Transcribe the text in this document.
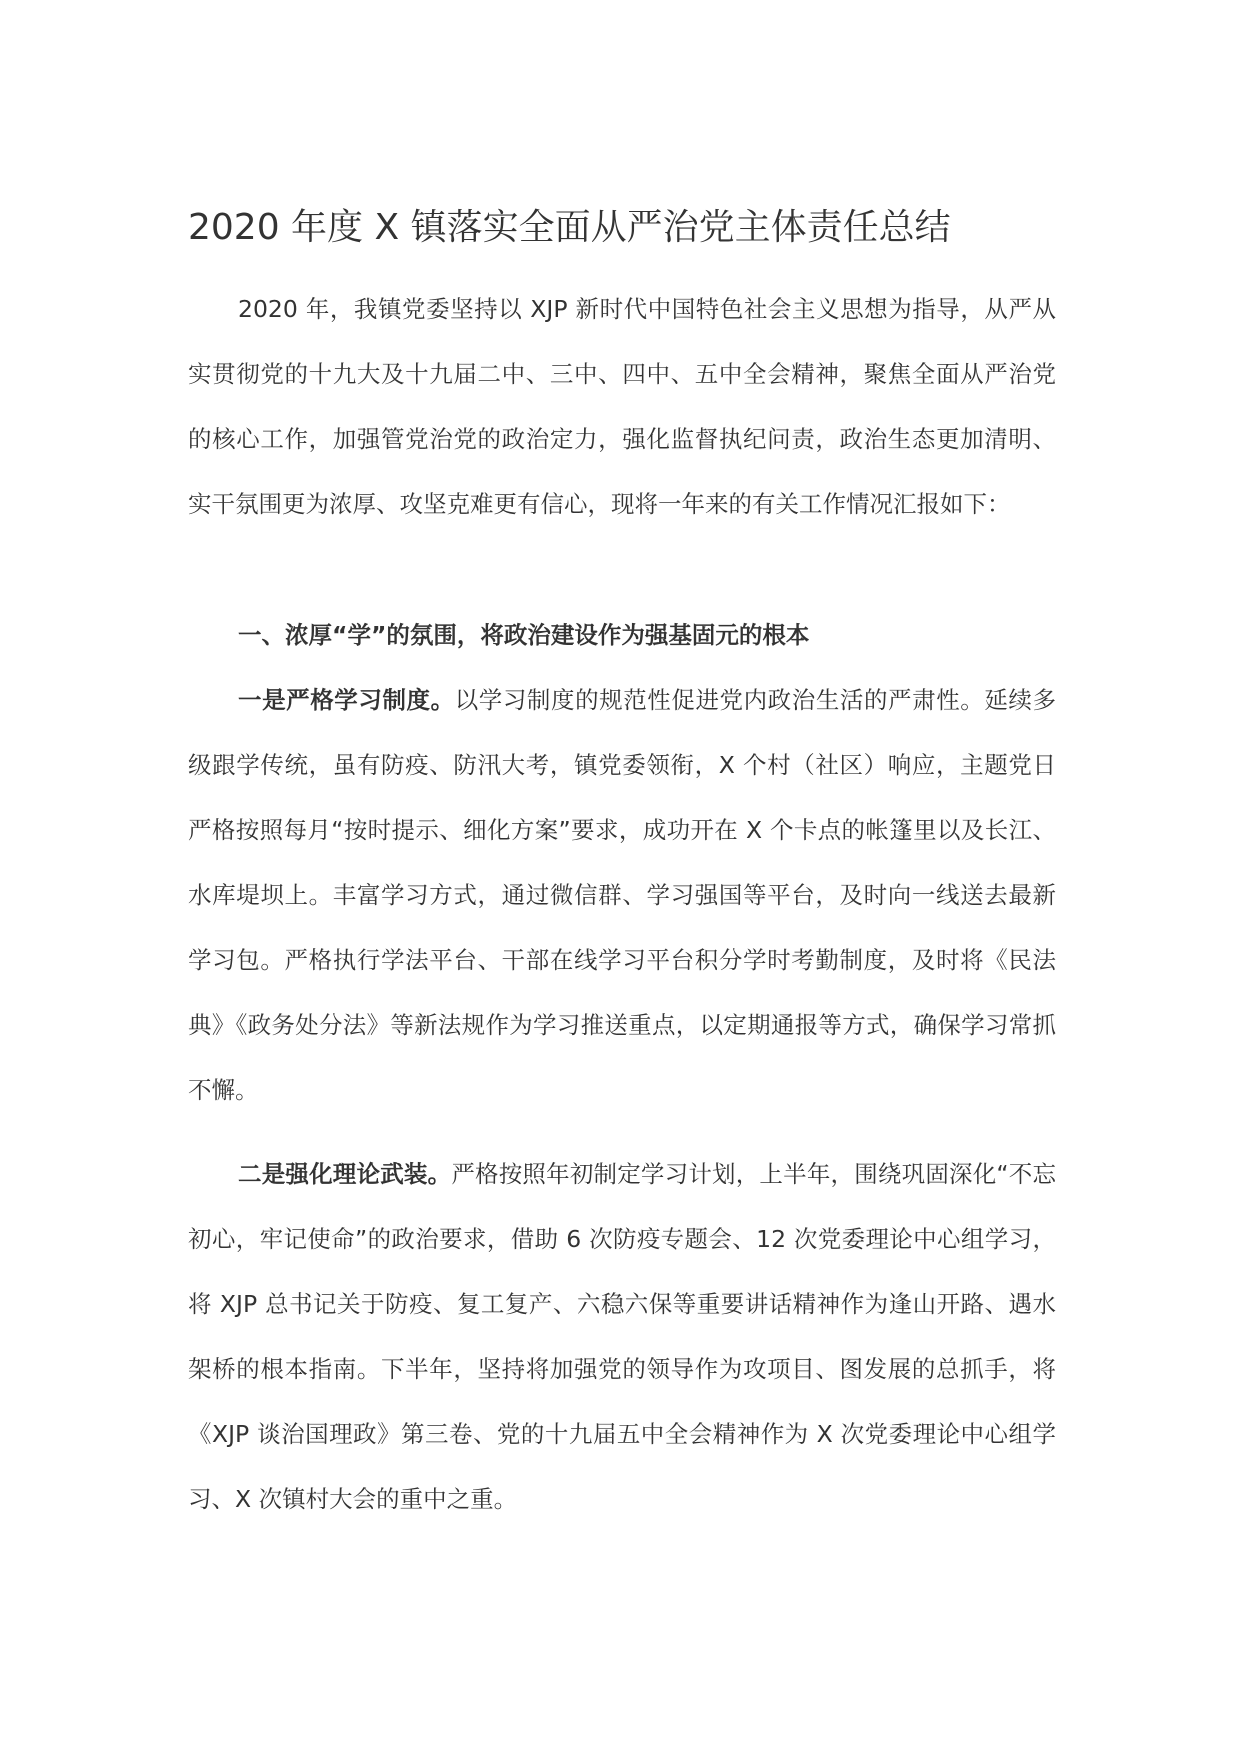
2020 年度 X 镇落实全面从严治党主体责任总结

2020 年，我镇党委坚持以 XJP 新时代中国特色社会主义思想为指导，从严从实贯彻党的十九大及十九届二中、三中、四中、五中全会精神，聚焦全面从严治党的核心工作，加强管党治党的政治定力，强化监督执纪问责，政治生态更加清明、实干氛围更为浓厚、攻坚克难更有信心，现将一年来的有关工作情况汇报如下：

一、浓厚“学”的氛围，将政治建设作为强基固元的根本

一是严格学习制度。以学习制度的规范性促进党内政治生活的严肃性。延续多级跟学传统，虽有防疫、防汛大考，镇党委领衔，X 个村（社区）响应，主题党日严格按照每月“按时提示、细化方案”要求，成功开在 X 个卡点的帐篷里以及长江、水库堤坝上。丰富学习方式，通过微信群、学习强国等平台，及时向一线送去最新学习包。严格执行学法平台、干部在线学习平台积分学时考勤制度，及时将《民法典》《政务处分法》等新法规作为学习推送重点，以定期通报等方式，确保学习常抓不懈。

二是强化理论武装。严格按照年初制定学习计划，上半年，围绕巩固深化“不忘初心，牢记使命”的政治要求，借助 6 次防疫专题会、12 次党委理论中心组学习，将 XJP 总书记关于防疫、复工复产、六稳六保等重要讲话精神作为逢山开路、遇水架桥的根本指南。下半年，坚持将加强党的领导作为攻项目、图发展的总抓手，将《XJP 谈治国理政》第三卷、党的十九届五中全会精神作为 X 次党委理论中心组学习、X 次镇村大会的重中之重。
